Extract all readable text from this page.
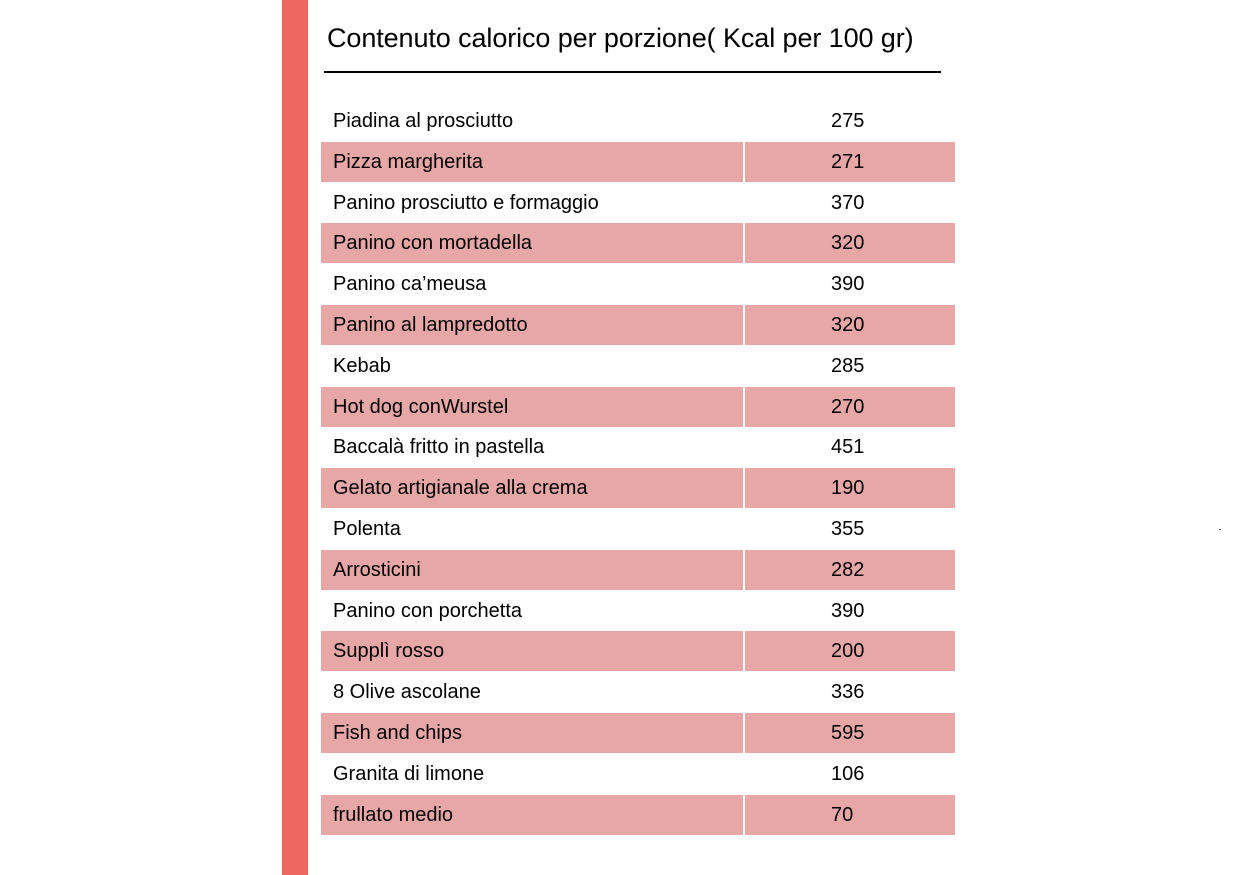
Contenuto calorico per porzione( Kcal per 100 gr)
Piadina al prosciutto	275
Pizza margherita	271
Panino prosciutto e formaggio	370
Panino con mortadella	320
Panino ca’meusa	390
Panino al lampredotto	320
Kebab	285
Hot dog conWurstel	270
Baccalà fritto in pastella	451
Gelato artigianale alla crema	190
Polenta	355
Arrosticini	282
Panino con porchetta	390
Supplì rosso	200
8 Olive ascolane	336
Fish and chips	595
Granita di limone	106
frullato medio	70
